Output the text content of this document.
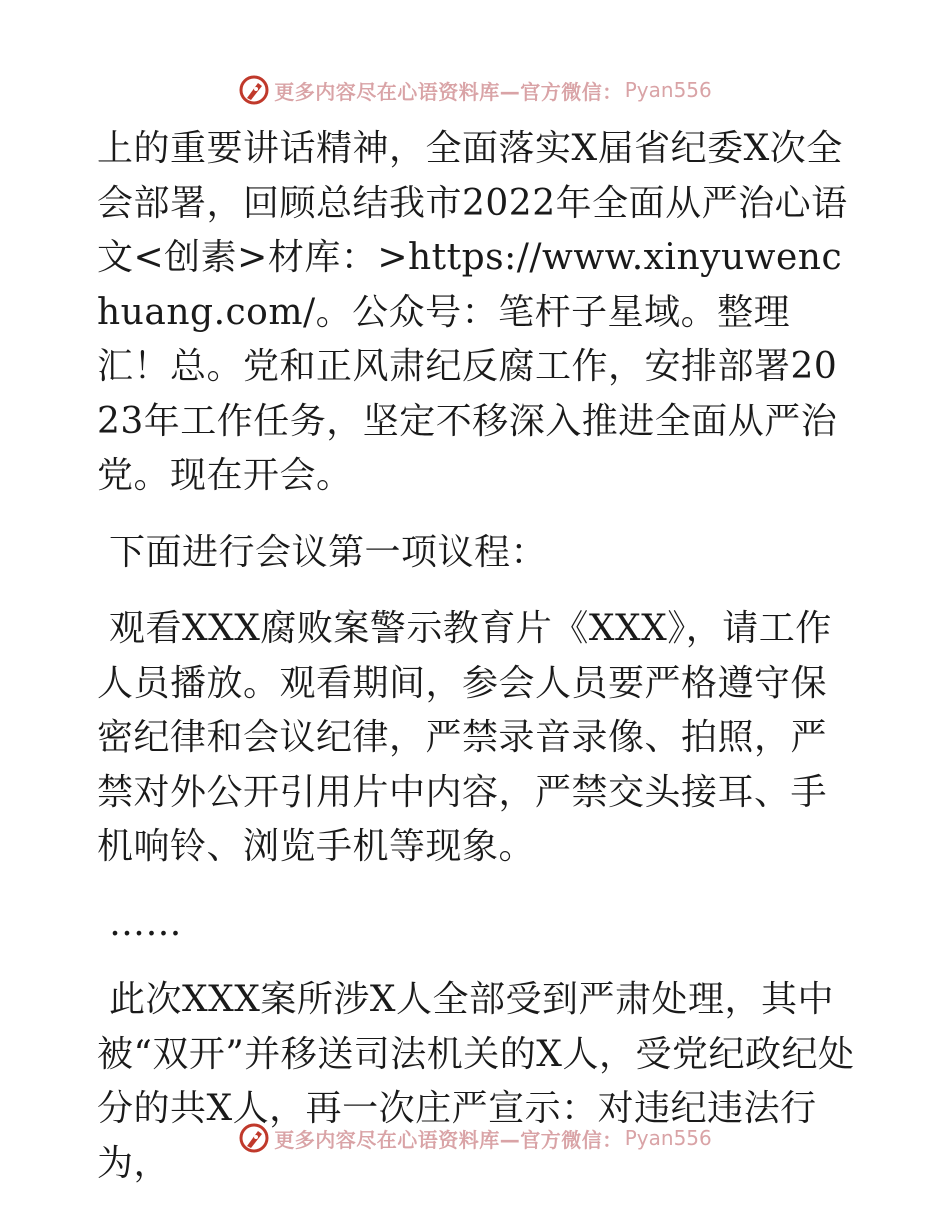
更多内容尽在心语资料库—官方微信： Pyan556

上的重要讲话精神，全面落实X届省纪委X次全会部署，回顾总结我市2022年全面从严治心语文<创素>材库：>https://www.xinyuwenchuang.com/。公众号：笔杆子星域。整理汇！总。党和正风肃纪反腐工作，安排部署2023年工作任务，坚定不移深入推进全面从严治党。现在开会。

下面进行会议第一项议程：

观看XXX腐败案警示教育片《XXX》，请工作人员播放。观看期间，参会人员要严格遵守保密纪律和会议纪律，严禁录音录像、拍照，严禁对外公开引用片中内容，严禁交头接耳、手机响铃、浏览手机等现象。

……

此次XXX案所涉X人全部受到严肃处理，其中被“双开”并移送司法机关的X人，受党纪政纪处分的共X人，再一次庄严宣示：对违纪违法行为，

更多内容尽在心语资料库—官方微信： Pyan556
